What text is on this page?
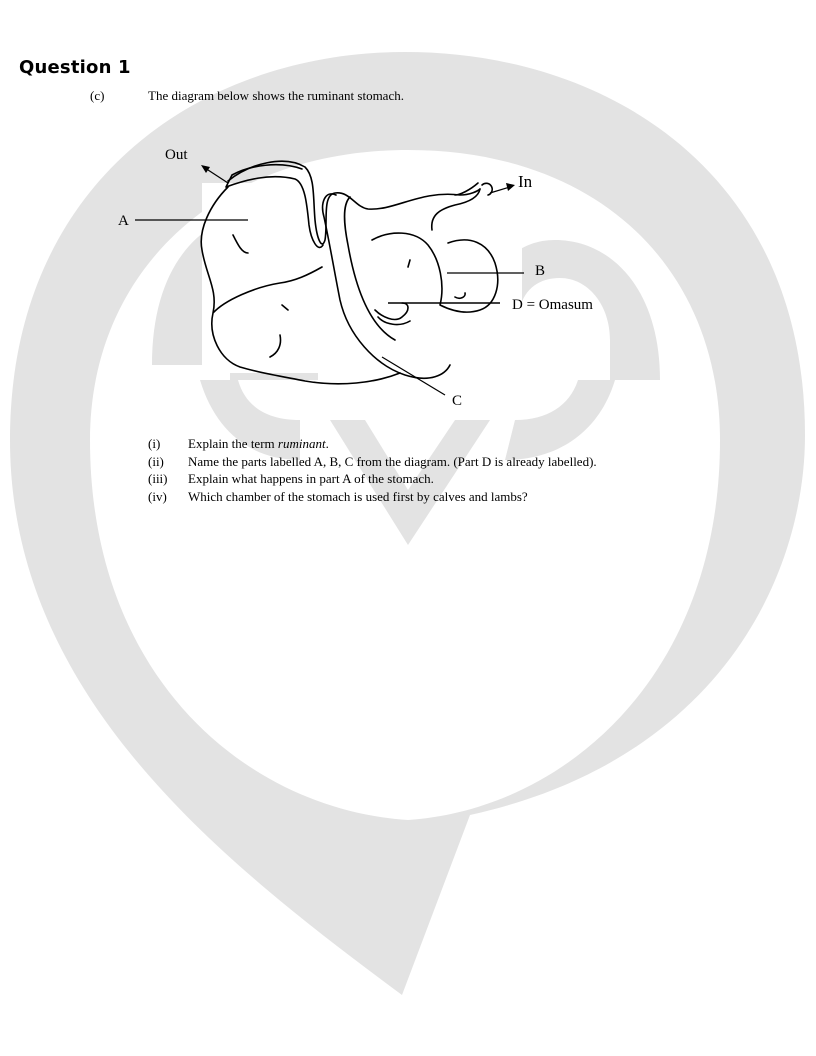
Question 1
(c)	The diagram below shows the ruminant stomach.
Out
In
A
B
C
D = Omasum
(i)	Explain the term ruminant.
(ii)	Name the parts labelled A, B, C from the diagram. (Part D is already labelled).
(iii)	Explain what happens in part A of the stomach.
(iv)	Which chamber of the stomach is used first by calves and lambs?
